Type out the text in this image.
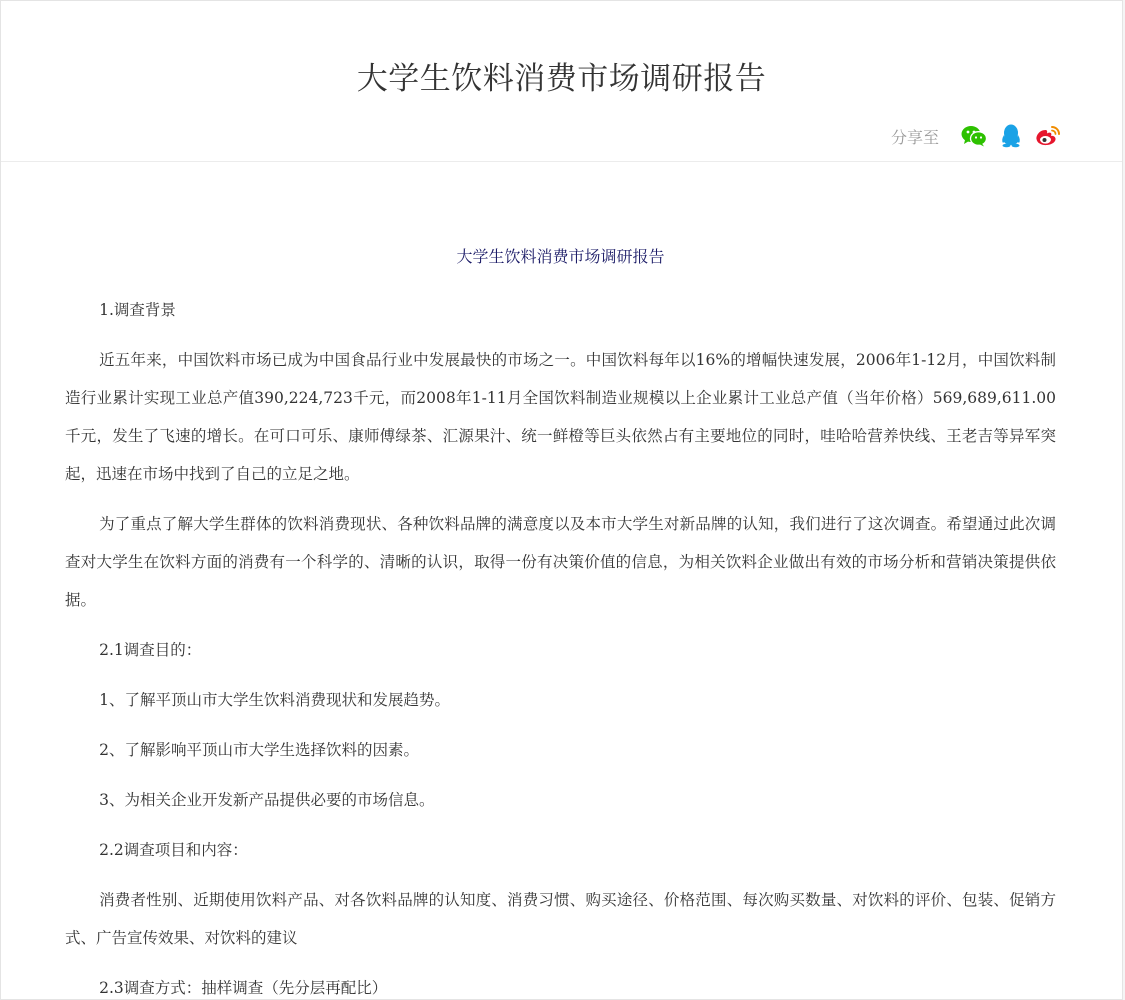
大学生饮料消费市场调研报告
分享至
大学生饮料消费市场调研报告

1.调查背景

近五年来，中国饮料市场已成为中国食品行业中发展最快的市场之一。中国饮料每年以16%的增幅快速发展，2006年1-12月，中国饮料制造行业累计实现工业总产值390,224,723千元，而2008年1-11月全国饮料制造业规模以上企业累计工业总产值（当年价格）569,689,611.00千元，发生了飞速的增长。在可口可乐、康师傅绿茶、汇源果汁、统一鲜橙等巨头依然占有主要地位的同时，哇哈哈营养快线、王老吉等异军突起，迅速在市场中找到了自己的立足之地。

为了重点了解大学生群体的饮料消费现状、各种饮料品牌的满意度以及本市大学生对新品牌的认知，我们进行了这次调查。希望通过此次调查对大学生在饮料方面的消费有一个科学的、清晰的认识，取得一份有决策价值的信息，为相关饮料企业做出有效的市场分析和营销决策提供依据。

2.1调查目的：

1、了解平顶山市大学生饮料消费现状和发展趋势。

2、了解影响平顶山市大学生选择饮料的因素。

3、为相关企业开发新产品提供必要的市场信息。

2.2调查项目和内容：

消费者性别、近期使用饮料产品、对各饮料品牌的认知度、消费习惯、购买途径、价格范围、每次购买数量、对饮料的评价、包装、促销方式、广告宣传效果、对饮料的建议

2.3调查方式：抽样调查（先分层再配比）
